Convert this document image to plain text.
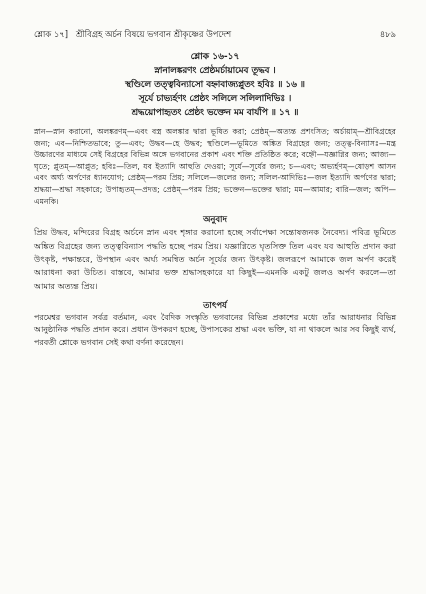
শ্লোক ১৭] শ্রীবিগ্রহ অর্চন বিষয়ে ভগবান শ্রীকৃষ্ণের উপদেশ	৪৮৯
শ্লোক ১৬-১৭
স্নানালঙ্করণং প্রেষ্ঠমর্চায়ামেব তূদ্ধব ।
স্থণ্ডিলে তত্ত্ববিন্যাসো বহ্নাবাজ্যপ্লুতং হবিঃ ॥ ১৬ ॥
সূর্যে চাভ্যর্হণং প্রেষ্ঠং সলিলে সলিলাদিভিঃ ।
শ্রদ্ধয়োপাহৃতং প্রেষ্ঠং ভক্তেন মম বার্যপি ॥ ১৭ ॥
স্নান—স্নান করানো, অলঙ্করণম্—এবং বস্ত্র অলঙ্কার দ্বারা ভূষিত করা; প্রেষ্ঠম্—অত্যন্ত প্রশংসিত; অর্চায়াম্—শ্রীবিগ্রহের জন্য; এব—নিশ্চিতভাবে; তু—এবং; উদ্ধব—হে উদ্ধব; স্থণ্ডিলে—ভূমিতে অঙ্কিত বিগ্রহের জন্য; তত্ত্ব-বিন্যাসঃ—মন্ত্র উচ্চারণের মাধ্যমে সেই বিগ্রহের বিভিন্ন অঙ্গে ভগবানের প্রকাশ এবং শক্তি প্রতিষ্ঠিত করে; বহ্নৌ—যজ্ঞাগ্নির জন্য; আজ্য—ঘৃতে; প্লুতম্—আপ্লুত; হবিঃ—তিল, যব ইত্যাদি আহুতি দেওয়া; সূর্যে—সূর্যের জন্য; চ—এবং; অভ্যর্হণম্—ষোড়শ আসন এবং অর্ঘ্য অর্পণের ধ্যানযোগ; প্রেষ্ঠম্—পরম প্রিয়; সলিলে—জলের জন্য; সলিল-আদিভিঃ—জল ইত্যাদি অর্পণের দ্বারা; শ্রদ্ধয়া—শ্রদ্ধা সহকারে; উপাহৃতম্—প্রদত্ত; প্রেষ্ঠম্—পরম প্রিয়; ভক্তেন—ভক্তের দ্বারা; মম—আমার; বারি—জল; অপি—এমনকি।
অনুবাদ
প্রিয় উদ্ধব, মন্দিরের বিগ্রহ অর্চনে স্নান এবং শৃঙ্গার করানো হচ্ছে সর্বাপেক্ষা সন্তোষজনক নৈবেদ্য। পবিত্র ভূমিতে অঙ্কিত বিগ্রহের জন্য তত্ত্ববিন্যাস পদ্ধতি হচ্ছে পরম প্রিয়। যজ্ঞাগ্নিতে ঘৃতসিক্ত তিল এবং যব আহুতি প্রদান করা উৎকৃষ্ট, পক্ষান্তরে, উপস্থান এবং অর্ঘ্য সমন্বিত অর্চন সূর্যের জন্য উৎকৃষ্ট। জলরূপে আমাকে জল অর্পণ করেই আরাধনা করা উচিত। বাস্তবে, আমার ভক্ত শ্রদ্ধাসহকারে যা কিছুই—এমনকি একটু জলও অর্পণ করলে—তা আমার অত্যন্ত প্রিয়।
তাৎপর্য
পরমেশ্বর ভগবান সর্বত্র বর্তমান, এবং বৈদিক সংস্কৃতি ভগবানের বিভিন্ন প্রকাশের মধ্যে তাঁর আরাধনার বিভিন্ন আনুষ্ঠানিক পদ্ধতি প্রদান করে। প্রধান উপকরণ হচ্ছে, উপাসকের শ্রদ্ধা এবং ভক্তি, যা না থাকলে আর সব কিছুই ব্যর্থ, পরবর্তী শ্লোকে ভগবান সেই কথা বর্ণনা করেছেন।
